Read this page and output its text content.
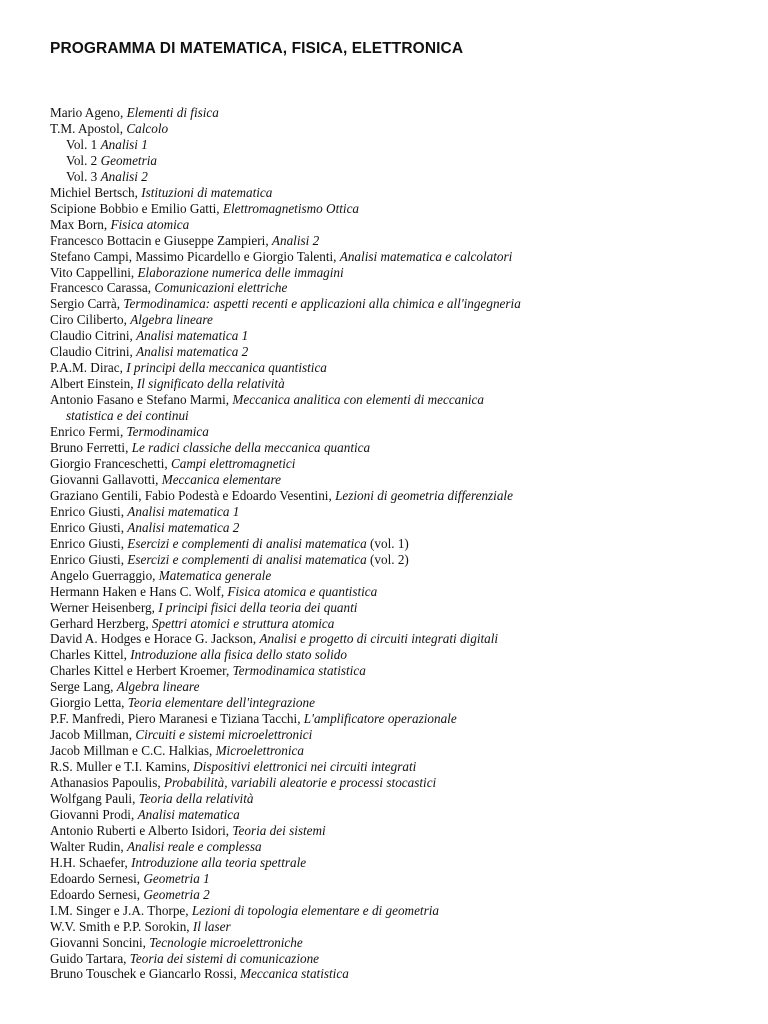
PROGRAMMA DI MATEMATICA, FISICA, ELETTRONICA
Mario Ageno, Elementi di fisica
T.M. Apostol, Calcolo
Vol. 1 Analisi 1
Vol. 2 Geometria
Vol. 3 Analisi 2
Michiel Bertsch, Istituzioni di matematica
Scipione Bobbio e Emilio Gatti, Elettromagnetismo Ottica
Max Born, Fisica atomica
Francesco Bottacin e Giuseppe Zampieri, Analisi 2
Stefano Campi, Massimo Picardello e Giorgio Talenti, Analisi matematica e calcolatori
Vito Cappellini, Elaborazione numerica delle immagini
Francesco Carassa, Comunicazioni elettriche
Sergio Carrà, Termodinamica: aspetti recenti e applicazioni alla chimica e all'ingegneria
Ciro Ciliberto, Algebra lineare
Claudio Citrini, Analisi matematica 1
Claudio Citrini, Analisi matematica 2
P.A.M. Dirac, I principi della meccanica quantistica
Albert Einstein, Il significato della relatività
Antonio Fasano e Stefano Marmi, Meccanica analitica con elementi di meccanica
statistica e dei continui
Enrico Fermi, Termodinamica
Bruno Ferretti, Le radici classiche della meccanica quantica
Giorgio Franceschetti, Campi elettromagnetici
Giovanni Gallavotti, Meccanica elementare
Graziano Gentili, Fabio Podestà e Edoardo Vesentini, Lezioni di geometria differenziale
Enrico Giusti, Analisi matematica 1
Enrico Giusti, Analisi matematica 2
Enrico Giusti, Esercizi e complementi di analisi matematica (vol. 1)
Enrico Giusti, Esercizi e complementi di analisi matematica (vol. 2)
Angelo Guerraggio, Matematica generale
Hermann Haken e Hans C. Wolf, Fisica atomica e quantistica
Werner Heisenberg, I principi fisici della teoria dei quanti
Gerhard Herzberg, Spettri atomici e struttura atomica
David A. Hodges e Horace G. Jackson, Analisi e progetto di circuiti integrati digitali
Charles Kittel, Introduzione alla fisica dello stato solido
Charles Kittel e Herbert Kroemer, Termodinamica statistica
Serge Lang, Algebra lineare
Giorgio Letta, Teoria elementare dell'integrazione
P.F. Manfredi, Piero Maranesi e Tiziana Tacchi, L'amplificatore operazionale
Jacob Millman, Circuiti e sistemi microelettronici
Jacob Millman e C.C. Halkias, Microelettronica
R.S. Muller e T.I. Kamins, Dispositivi elettronici nei circuiti integrati
Athanasios Papoulis, Probabilità, variabili aleatorie e processi stocastici
Wolfgang Pauli, Teoria della relatività
Giovanni Prodi, Analisi matematica
Antonio Ruberti e Alberto Isidori, Teoria dei sistemi
Walter Rudin, Analisi reale e complessa
H.H. Schaefer, Introduzione alla teoria spettrale
Edoardo Sernesi, Geometria 1
Edoardo Sernesi, Geometria 2
I.M. Singer e J.A. Thorpe, Lezioni di topologia elementare e di geometria
W.V. Smith e P.P. Sorokin, Il laser
Giovanni Soncini, Tecnologie microelettroniche
Guido Tartara, Teoria dei sistemi di comunicazione
Bruno Touschek e Giancarlo Rossi, Meccanica statistica
